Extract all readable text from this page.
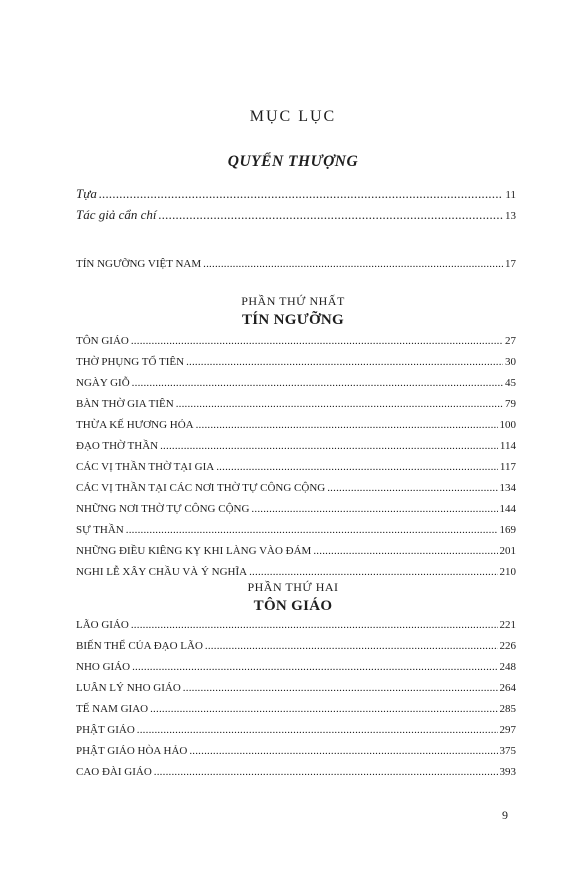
MỤC LỤC
QUYỂN THƯỢNG
Tựa .....	11
Tác giả cẩn chí .....	13
TÍN NGƯỠNG VIỆT NAM .....	17
PHẦN THỨ NHẤT
TÍN NGƯỠNG
TÔN GIÁO .....	27
THỜ PHỤNG TỔ TIÊN .....	30
NGÀY GIỖ .....	45
BÀN THỜ GIA TIÊN .....	79
THỪA KẾ HƯƠNG HỎA .....	100
ĐẠO THỜ THẦN .....	114
CÁC VỊ THẦN THỜ TẠI GIA .....	117
CÁC VỊ THẦN TẠI CÁC NƠI THỜ TỰ CÔNG CỘNG .....	134
NHỮNG NƠI THỜ TỰ CÔNG CỘNG .....	144
SỰ THẦN .....	169
NHỮNG ĐIỀU KIÊNG KỴ KHI LÀNG VÀO ĐÁM .....	201
NGHI LỄ XÂY CHẦU VÀ Ý NGHĨA .....	210
PHẦN THỨ HAI
TÔN GIÁO
LÃO GIÁO .....	221
BIẾN THỂ CỦA ĐẠO LÃO .....	226
NHO GIÁO .....	248
LUÂN LÝ NHO GIÁO .....	264
TẾ NAM GIAO .....	285
PHẬT GIÁO .....	297
PHẬT GIÁO HÒA HẢO .....	375
CAO ĐÀI GIÁO .....	393
9
